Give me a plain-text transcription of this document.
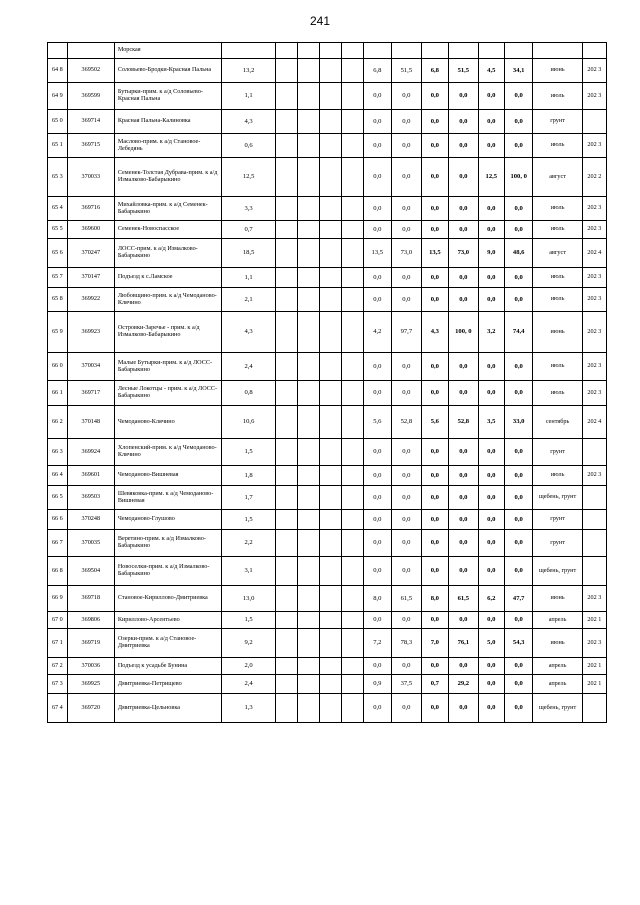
241
		Морская													
64 8	369502	Соловьево-Бродки-Красная Пальна	13,2					6,8	51,5	6,8	51,5	4,5	34,1	июнь	202 3
64 9	369599	Бутырки-прим. к а/д Соловьево-Красная Пальна	1,1					0,0	0,0	0,0	0,0	0,0	0,0	июль	202 3
65 0	369714	Красная Пальна-Калиновка	4,3					0,0	0,0	0,0	0,0	0,0	0,0	грунт	
65 1	369715	Маслово-прим. к а/д Становое-Лебедянь	0,6					0,0	0,0	0,0	0,0	0,0	0,0	июль	202 3
65 3	370033	Семенек-Толстая Дубрава-прим. к а/д Измалково-Бабарыкино	12,5					0,0	0,0	0,0	0,0	12,5	100, 0	август	202 2
65 4	369716	Михайловка-прим. к а/д Семенек-Бабарыкино	3,3					0,0	0,0	0,0	0,0	0,0	0,0	июль	202 3
65 5	369600	Семенек-Новоспасское	0,7					0,0	0,0	0,0	0,0	0,0	0,0	июль	202 3
65 6	370247	ЛОСС-прим. к а/д Измалково-Бабарыкино	18,5					13,5	73,0	13,5	73,0	9,0	48,6	август	202 4
65 7	370147	Подъезд к с.Ламское	1,1					0,0	0,0	0,0	0,0	0,0	0,0	июль	202 3
65 8	369922	Любовщино-прим. к а/д Чемоданово-Клячино	2,1					0,0	0,0	0,0	0,0	0,0	0,0	июль	202 3
65 9	369923	Островки-Заречье - прим. к а/д Измалково-Бабарыкино	4,3					4,2	97,7	4,3	100, 0	3,2	74,4	июнь	202 3
66 0	370034	Малые Бутырки-прим. к а/д ЛОСС-Бабарыкино	2,4					0,0	0,0	0,0	0,0	0,0	0,0	июль	202 3
66 1	369717	Лесные Локотцы - прим. к а/д ЛОСС-Бабарыкино	0,8					0,0	0,0	0,0	0,0	0,0	0,0	июль	202 3
66 2	370148	Чемоданово-Клячино	10,6					5,6	52,8	5,6	52,8	3,5	33,0	сентябрь	202 4
66 3	369924	Хлопенский-прим. к а/д Чемоданово-Клячино	1,5					0,0	0,0	0,0	0,0	0,0	0,0	грунт	
66 4	369601	Чемоданово-Вишневая	1,8					0,0	0,0	0,0	0,0	0,0	0,0	июль	202 3
66 5	369503	Шевяковка-прим. к а/д Чемоданово-Вишневая	1,7					0,0	0,0	0,0	0,0	0,0	0,0	щебень, грунт	
66 6	370248	Чемоданово-Глушово	1,5					0,0	0,0	0,0	0,0	0,0	0,0	грунт	
66 7	370035	Веретино-прим. к а/д Измалково-Бабарыкино	2,2					0,0	0,0	0,0	0,0	0,0	0,0	грунт	
66 8	369504	Новоселки-прим. к а/д Измалково-Бабарыкино	3,1					0,0	0,0	0,0	0,0	0,0	0,0	щебень, грунт	
66 9	369718	Становое-Кириллово-Дмитриевка	13,0					8,0	61,5	8,0	61,5	6,2	47,7	июнь	202 3
67 0	369806	Кириллово-Арсентьево	1,5					0,0	0,0	0,0	0,0	0,0	0,0	апрель	202 1
67 1	369719	Озерки-прим. к а/д Становое-Дмитриевка	9,2					7,2	78,3	7,0	76,1	5,0	54,3	июнь	202 3
67 2	370036	Подъезд к усадьбе Бунина	2,0					0,0	0,0	0,0	0,0	0,0	0,0	апрель	202 1
67 3	369925	Дмитриевка-Петрищево	2,4					0,9	37,5	0,7	29,2	0,0	0,0	апрель	202 1
67 4	369720	Дмитриевка-Цельновка	1,3					0,0	0,0	0,0	0,0	0,0	0,0	щебень, грунт	
